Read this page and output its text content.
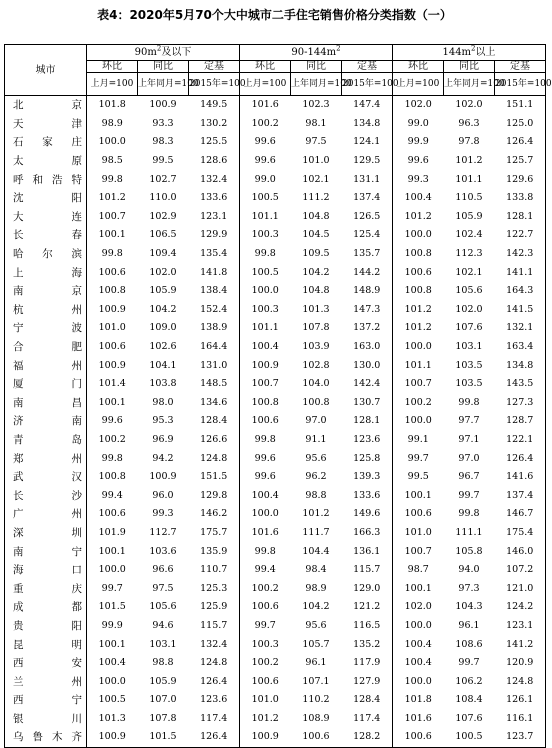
表4：2020年5月70个大中城市二手住宅销售价格分类指数（一）
城市	$90m^2$及以下			$90-144m^2$			$144m^2$以上		
	环比	同比	定基	环比	同比	定基	环比	同比	定基
	上月=100	上年同月=100	2015年=100	上月=100	上年同月=100	2015年=100	上月=100	上年同月=100	2015年=100
北京	101.8	100.9	149.5	101.6	102.3	147.4	102.0	102.0	151.1
天津	98.9	93.3	130.2	100.2	98.1	134.8	99.0	96.3	125.0
石家庄	100.0	98.3	125.5	99.6	97.5	124.1	99.9	97.8	126.4
太原	98.5	99.5	128.6	99.6	101.0	129.5	99.6	101.2	125.7
呼和浩特	99.8	102.7	132.4	99.0	102.1	131.1	99.3	101.1	129.6
沈阳	101.2	110.0	133.6	100.5	111.2	137.4	100.4	110.5	133.8
大连	100.7	102.9	123.1	101.1	104.8	126.5	101.2	105.9	128.1
长春	100.1	106.5	129.9	100.3	104.5	125.4	100.0	102.4	122.7
哈尔滨	99.8	109.4	135.4	99.8	109.5	135.7	100.8	112.3	142.3
上海	100.6	102.0	141.8	100.5	104.2	144.2	100.6	102.1	141.1
南京	100.8	105.9	138.4	100.0	104.8	148.9	100.8	105.6	164.3
杭州	100.9	104.2	152.4	100.3	101.3	147.3	101.2	102.0	141.5
宁波	101.0	109.0	138.9	101.1	107.8	137.2	101.2	107.6	132.1
合肥	100.6	102.6	164.4	100.4	103.9	163.0	100.0	103.1	163.4
福州	100.9	104.1	131.0	100.9	102.8	130.0	101.1	103.5	134.8
厦门	101.4	103.8	148.5	100.7	104.0	142.4	100.7	103.5	143.5
南昌	100.1	98.0	134.6	100.8	100.8	130.7	100.2	99.8	127.3
济南	99.6	95.3	128.4	100.6	97.0	128.1	100.0	97.7	128.7
青岛	100.2	96.9	126.6	99.8	91.1	123.6	99.1	97.1	122.1
郑州	99.8	94.2	124.8	99.6	95.6	125.8	99.7	97.0	126.4
武汉	100.8	100.9	151.5	99.6	96.2	139.3	99.5	96.7	141.6
长沙	99.4	96.0	129.8	100.4	98.8	133.6	100.1	99.7	137.4
广州	100.6	99.3	146.2	100.0	101.2	149.6	100.6	99.8	146.7
深圳	101.9	112.7	175.7	101.6	111.7	166.3	101.0	111.1	175.4
南宁	100.1	103.6	135.9	99.8	104.4	136.1	100.7	105.8	146.0
海口	100.0	96.6	110.7	99.4	98.4	115.7	98.7	94.0	107.2
重庆	99.7	97.5	125.3	100.2	98.9	129.0	100.1	97.3	121.0
成都	101.5	105.6	125.9	100.6	104.2	121.2	102.0	104.3	124.2
贵阳	99.9	94.6	115.7	99.7	95.6	116.5	100.0	96.1	123.1
昆明	100.1	103.1	132.4	100.3	105.7	135.2	100.4	108.6	141.2
西安	100.4	98.8	124.8	100.2	96.1	117.9	100.4	99.7	120.9
兰州	100.0	105.9	126.4	100.6	107.1	127.9	100.0	106.2	124.8
西宁	100.5	107.0	123.6	101.0	110.2	128.4	101.8	108.4	126.1
银川	101.3	107.8	117.4	101.2	108.9	117.4	101.6	107.6	116.1
乌鲁木齐	100.9	101.5	126.4	100.9	100.6	128.2	100.6	100.5	123.7
